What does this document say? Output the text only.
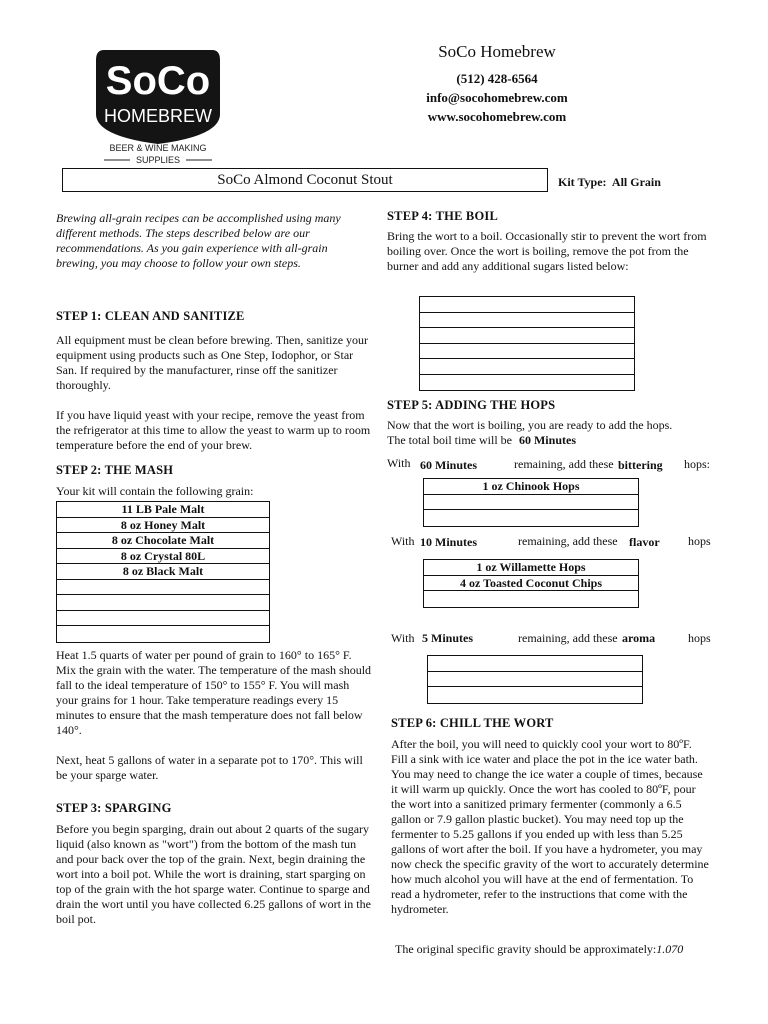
SoCo
HOMEBREW
BEER & WINE MAKING
SUPPLIES
SoCo Homebrew
(512) 428-6564
info@socohomebrew.com
www.socohomebrew.com
SoCo Almond Coconut Stout	Kit Type: All Grain
Brewing all-grain recipes can be accomplished using many different methods. The steps described below are our recommendations. As you gain experience with all-grain brewing, you may choose to follow your own steps.
STEP 1: CLEAN AND SANITIZE
All equipment must be clean before brewing. Then, sanitize your equipment using products such as One Step, Iodophor, or Star San. If required by the manufacturer, rinse off the sanitizer thoroughly.
If you have liquid yeast with your recipe, remove the yeast from the refrigerator at this time to allow the yeast to warm up to room temperature before the end of your brew.
STEP 2: THE MASH
Your kit will contain the following grain:
11 LB Pale Malt
8 oz Honey Malt
8 oz Chocolate Malt
8 oz Crystal 80L
8 oz Black Malt
Heat 1.5 quarts of water per pound of grain to 160° to 165° F. Mix the grain with the water. The temperature of the mash should fall to the ideal temperature of 150° to 155° F. You will mash your grains for 1 hour. Take temperature readings every 15 minutes to ensure that the mash temperature does not fall below 140°.
Next, heat 5 gallons of water in a separate pot to 170°. This will be your sparge water.
STEP 3: SPARGING
Before you begin sparging, drain out about 2 quarts of the sugary liquid (also known as "wort") from the bottom of the mash tun and pour back over the top of the grain. Next, begin draining the wort into a boil pot. While the wort is draining, start sparging on top of the grain with the hot sparge water. Continue to sparge and drain the wort until you have collected 6.25 gallons of wort in the boil pot.
STEP 4: THE BOIL
Bring the wort to a boil. Occasionally stir to prevent the wort from boiling over. Once the wort is boiling, remove the pot from the burner and add any additional sugars listed below:
STEP 5: ADDING THE HOPS
Now that the wort is boiling, you are ready to add the hops.
The total boil time will be 60 Minutes
With 60 Minutes	remaining, add these bittering hops:
1 oz Chinook Hops
With 10 Minutes	remaining, add these flavor hops
1 oz Willamette Hops
4 oz Toasted Coconut Chips
With 5 Minutes	remaining, add these aroma	hops
STEP 6: CHILL THE WORT
After the boil, you will need to quickly cool your wort to 80ºF. Fill a sink with ice water and place the pot in the ice water bath. You may need to change the ice water a couple of times, because it will warm up quickly. Once the wort has cooled to 80ºF, pour the wort into a sanitized primary fermenter (commonly a 6.5 gallon or 7.9 gallon plastic bucket). You may need top up the fermenter to 5.25 gallons if you ended up with less than 5.25 gallons of wort after the boil. If you have a hydrometer, you may now check the specific gravity of the wort to accurately determine how much alcohol you will have at the end of fermentation. To read a hydrometer, refer to the instructions that come with the hydrometer.
The original specific gravity should be approximately:1.070
